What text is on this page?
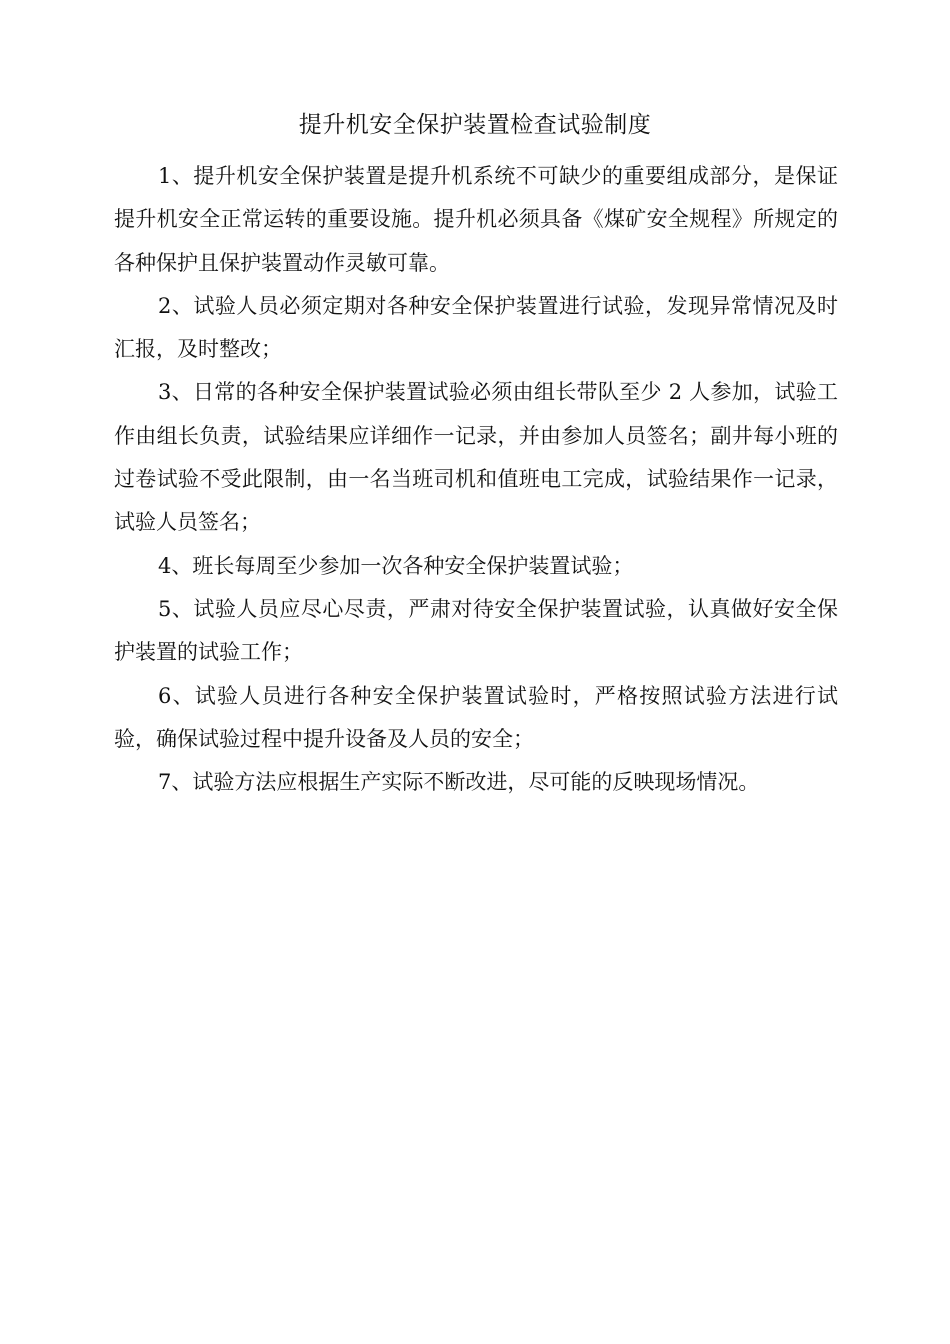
提升机安全保护装置检查试验制度

1、提升机安全保护装置是提升机系统不可缺少的重要组成部分，是保证提升机安全正常运转的重要设施。提升机必须具备《煤矿安全规程》所规定的各种保护且保护装置动作灵敏可靠。

2、试验人员必须定期对各种安全保护装置进行试验，发现异常情况及时汇报，及时整改；

3、日常的各种安全保护装置试验必须由组长带队至少 2 人参加，试验工作由组长负责，试验结果应详细作一记录，并由参加人员签名；副井每小班的过卷试验不受此限制，由一名当班司机和值班电工完成，试验结果作一记录，试验人员签名；

4、班长每周至少参加一次各种安全保护装置试验；

5、试验人员应尽心尽责，严肃对待安全保护装置试验，认真做好安全保护装置的试验工作；

6、试验人员进行各种安全保护装置试验时，严格按照试验方法进行试验，确保试验过程中提升设备及人员的安全；

7、试验方法应根据生产实际不断改进，尽可能的反映现场情况。
